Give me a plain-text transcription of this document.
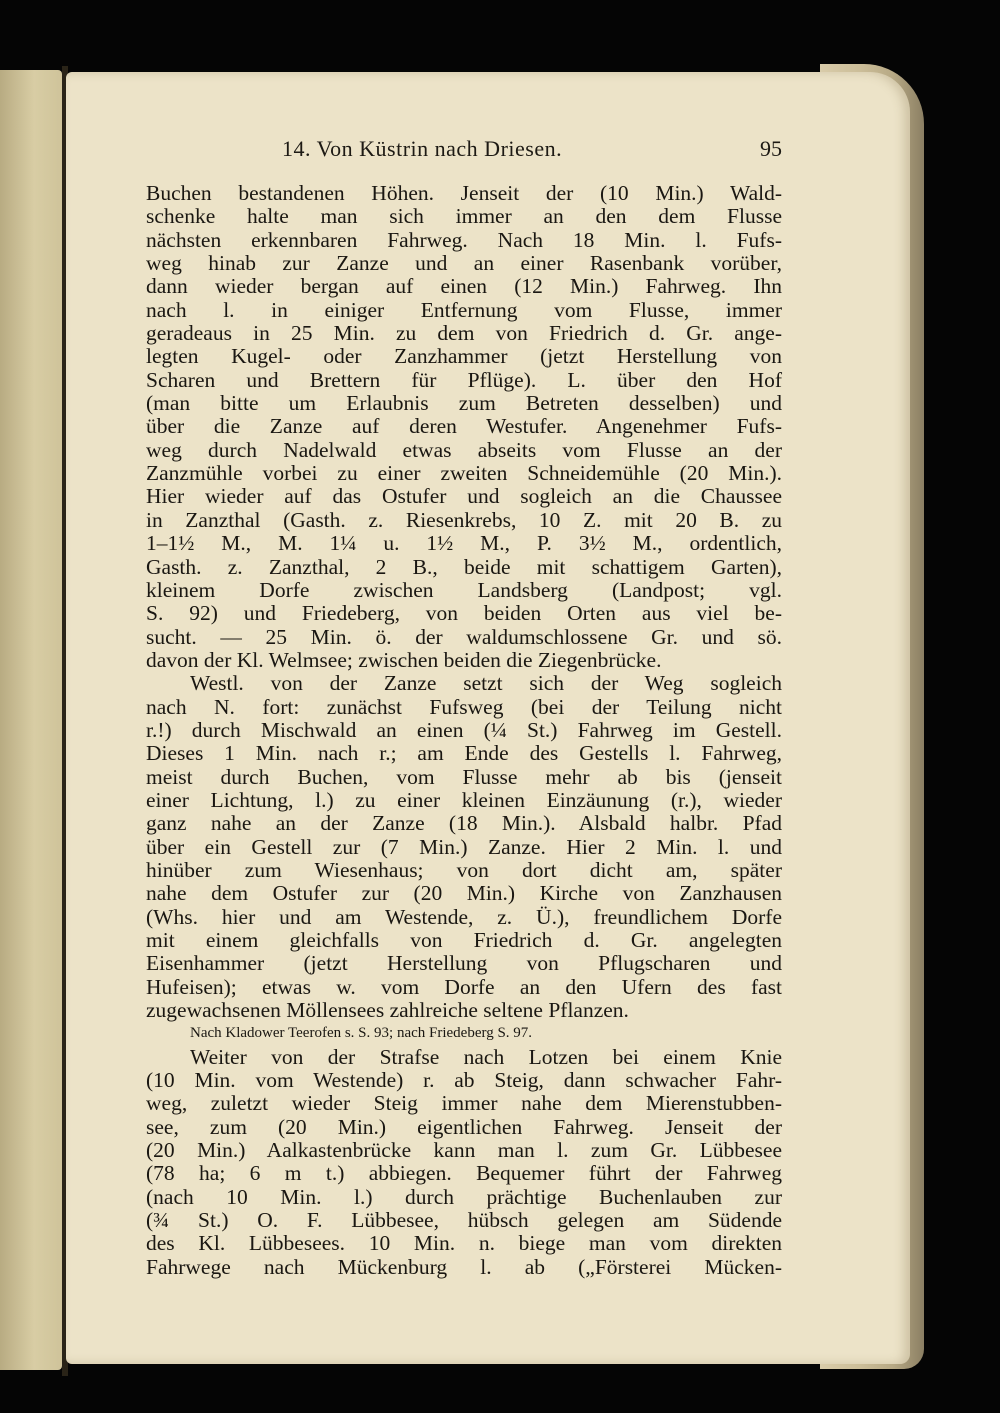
14. Von Küstrin nach Driesen.	95
Buchen bestandenen Höhen. Jenseit der (10 Min.) Wald-
schenke halte man sich immer an den dem Flusse
nächsten erkennbaren Fahrweg. Nach 18 Min. l. Fufs-
weg hinab zur Zanze und an einer Rasenbank vorüber,
dann wieder bergan auf einen (12 Min.) Fahrweg. Ihn
nach l. in einiger Entfernung vom Flusse, immer
geradeaus in 25 Min. zu dem von Friedrich d. Gr. ange-
legten Kugel- oder Zanzhammer (jetzt Herstellung von
Scharen und Brettern für Pflüge). L. über den Hof
(man bitte um Erlaubnis zum Betreten desselben) und
über die Zanze auf deren Westufer. Angenehmer Fufs-
weg durch Nadelwald etwas abseits vom Flusse an der
Zanzmühle vorbei zu einer zweiten Schneidemühle (20 Min.).
Hier wieder auf das Ostufer und sogleich an die Chaussee
in Zanzthal (Gasth. z. Riesenkrebs, 10 Z. mit 20 B. zu
1–1½ M., M. 1¼ u. 1½ M., P. 3½ M., ordentlich,
Gasth. z. Zanzthal, 2 B., beide mit schattigem Garten),
kleinem Dorfe zwischen Landsberg (Landpost; vgl.
S. 92) und Friedeberg, von beiden Orten aus viel be-
sucht. — 25 Min. ö. der waldumschlossene Gr. und sö.
davon der Kl. Welmsee; zwischen beiden die Ziegenbrücke.
Westl. von der Zanze setzt sich der Weg sogleich
nach N. fort: zunächst Fufsweg (bei der Teilung nicht
r.!) durch Mischwald an einen (¼ St.) Fahrweg im Gestell.
Dieses 1 Min. nach r.; am Ende des Gestells l. Fahrweg,
meist durch Buchen, vom Flusse mehr ab bis (jenseit
einer Lichtung, l.) zu einer kleinen Einzäunung (r.), wieder
ganz nahe an der Zanze (18 Min.). Alsbald halbr. Pfad
über ein Gestell zur (7 Min.) Zanze. Hier 2 Min. l. und
hinüber zum Wiesenhaus; von dort dicht am, später
nahe dem Ostufer zur (20 Min.) Kirche von Zanzhausen
(Whs. hier und am Westende, z. Ü.), freundlichem Dorfe
mit einem gleichfalls von Friedrich d. Gr. angelegten
Eisenhammer (jetzt Herstellung von Pflugscharen und
Hufeisen); etwas w. vom Dorfe an den Ufern des fast
zugewachsenen Möllensees zahlreiche seltene Pflanzen.
Nach Kladower Teerofen s. S. 93; nach Friedeberg S. 97.
Weiter von der Strafse nach Lotzen bei einem Knie
(10 Min. vom Westende) r. ab Steig, dann schwacher Fahr-
weg, zuletzt wieder Steig immer nahe dem Mierenstubben-
see, zum (20 Min.) eigentlichen Fahrweg. Jenseit der
(20 Min.) Aalkastenbrücke kann man l. zum Gr. Lübbesee
(78 ha; 6 m t.) abbiegen. Bequemer führt der Fahrweg
(nach 10 Min. l.) durch prächtige Buchenlauben zur
(¾ St.) O. F. Lübbesee, hübsch gelegen am Südende
des Kl. Lübbesees. 10 Min. n. biege man vom direkten
Fahrwege nach Mückenburg l. ab („Försterei Mücken-
